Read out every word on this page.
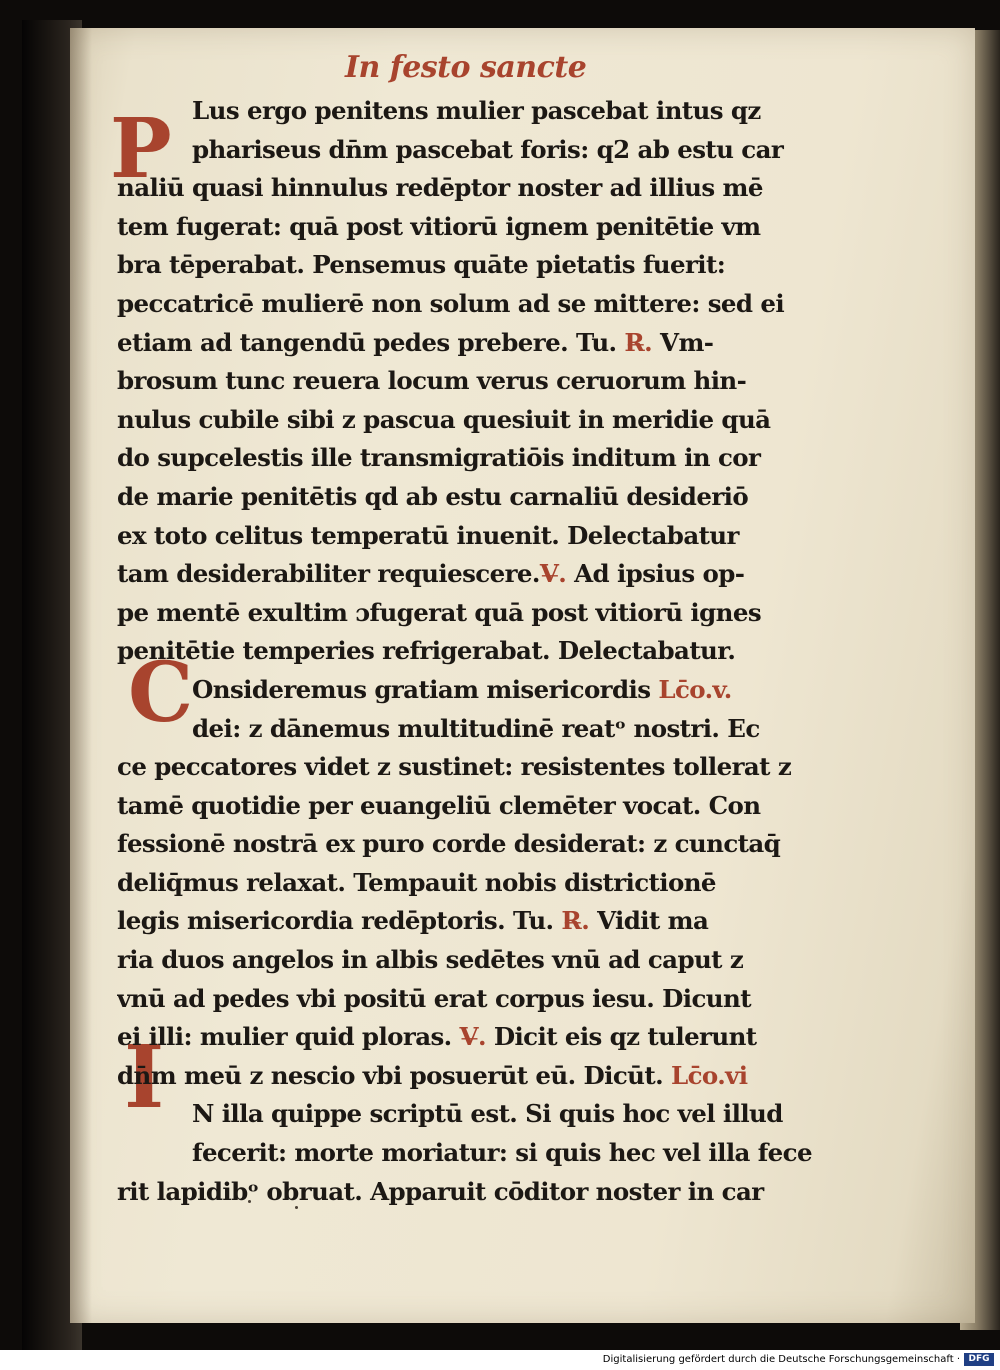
In festo sancte
P
C
I
Lus ergo penitens mulier pascebat intus qz
phariseus dn̄m pascebat foris: q2 ab estu car
naliū quasi hinnulus redēptor noster ad illius mē
tem fugerat: quā post vitiorū ignem penitētie vm
bra tēperabat. Pensemus quāte pietatis fuerit:
peccatricē mulierē non solum ad se mittere: sed ei
etiam ad tangendū pedes prebere. Tu. R̶. Vm-
brosum tunc reuera locum verus ceruorum hin-
nulus cubile sibi z pascua quesiuit in meridie quā
do supcelestis ille transmigratiōis inditum in cor
de marie penitētis qd ab estu carnaliū desideriō
ex toto celitus temperatū inuenit. Delectabatur
tam desiderabiliter requiescere.V̶. Ad ipsius op-
pe mentē exultim ɔfugerat quā post vitiorū ignes
penitētie temperies refrigerabat. Delectabatur.
Onsideremus gratiam misericordis Lc̄o.v.
dei: z dānemus multitudinē reatᵒ nostri. Ec
ce peccatores videt z sustinet: resistentes tollerat z
tamē quotidie per euangeliū clemēter vocat. Con
fessionē nostrā ex puro corde desiderat: z cunctaq̄
deliq̄mus relaxat. Tempauit nobis districtionē
legis misericordia redēptoris. Tu. R̶. Vidit ma
ria duos angelos in albis sedētes vnū ad caput z
vnū ad pedes vbi positū erat corpus iesu. Dicunt
ei illi: mulier quid ploras. V̶. Dicit eis qz tulerunt
dn̄m meū z nescio vbi posuerūt eū. Dicūt. Lc̄o.vi
N illa quippe scriptū est. Si quis hoc vel illud
fecerit: morte moriatur: si quis hec vel illa fece
rit lapidibᵒ obruat. Apparuit cōditor noster in car
Digitalisierung gefördert durch die Deutsche Forschungsgemeinschaft · DFG
